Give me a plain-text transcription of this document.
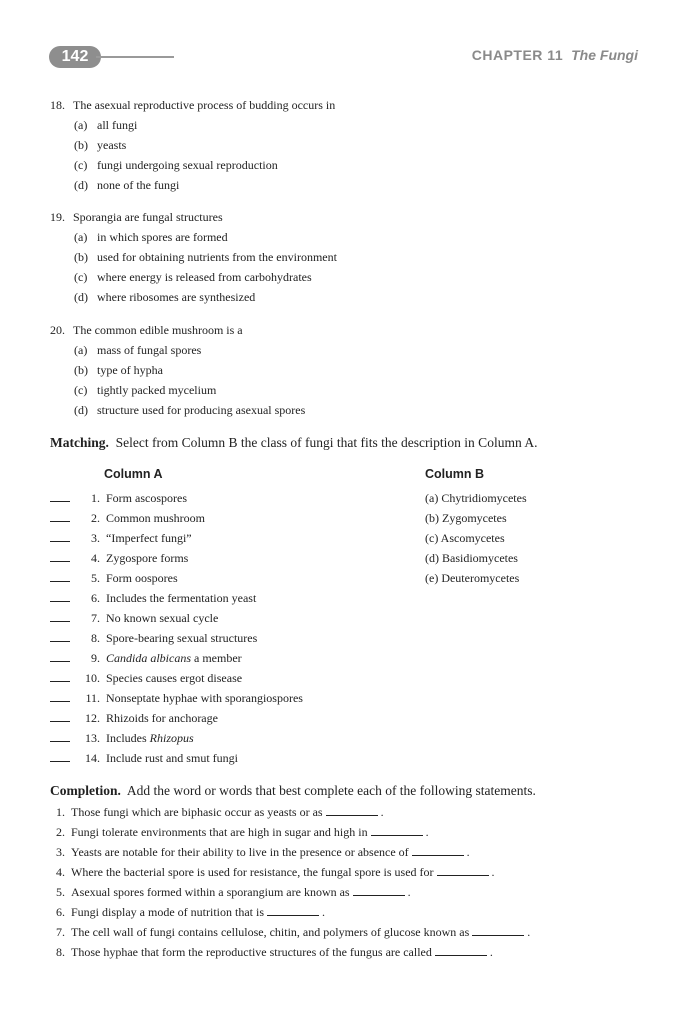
142	CHAPTER 11 The Fungi
18. The asexual reproductive process of budding occurs in
(a) all fungi
(b) yeasts
(c) fungi undergoing sexual reproduction
(d) none of the fungi
19. Sporangia are fungal structures
(a) in which spores are formed
(b) used for obtaining nutrients from the environment
(c) where energy is released from carbohydrates
(d) where ribosomes are synthesized
20. The common edible mushroom is a
(a) mass of fungal spores
(b) type of hypha
(c) tightly packed mycelium
(d) structure used for producing asexual spores
Matching. Select from Column B the class of fungi that fits the description in Column A.
Column A	Column B
1. Form ascospores
2. Common mushroom
3. “Imperfect fungi”
4. Zygospore forms
5. Form oospores
6. Includes the fermentation yeast
7. No known sexual cycle
8. Spore-bearing sexual structures
9. Candida albicans a member
10. Species causes ergot disease
11. Nonseptate hyphae with sporangiospores
12. Rhizoids for anchorage
13. Includes Rhizopus
14. Include rust and smut fungi
(a) Chytridiomycetes
(b) Zygomycetes
(c) Ascomycetes
(d) Basidiomycetes
(e) Deuteromycetes
Completion. Add the word or words that best complete each of the following statements.
1. Those fungi which are biphasic occur as yeasts or as	.
2. Fungi tolerate environments that are high in sugar and high in	.
3. Yeasts are notable for their ability to live in the presence or absence of	.
4. Where the bacterial spore is used for resistance, the fungal spore is used for	.
5. Asexual spores formed within a sporangium are known as	.
6. Fungi display a mode of nutrition that is	.
7. The cell wall of fungi contains cellulose, chitin, and polymers of glucose known as	.
8. Those hyphae that form the reproductive structures of the fungus are called	.
